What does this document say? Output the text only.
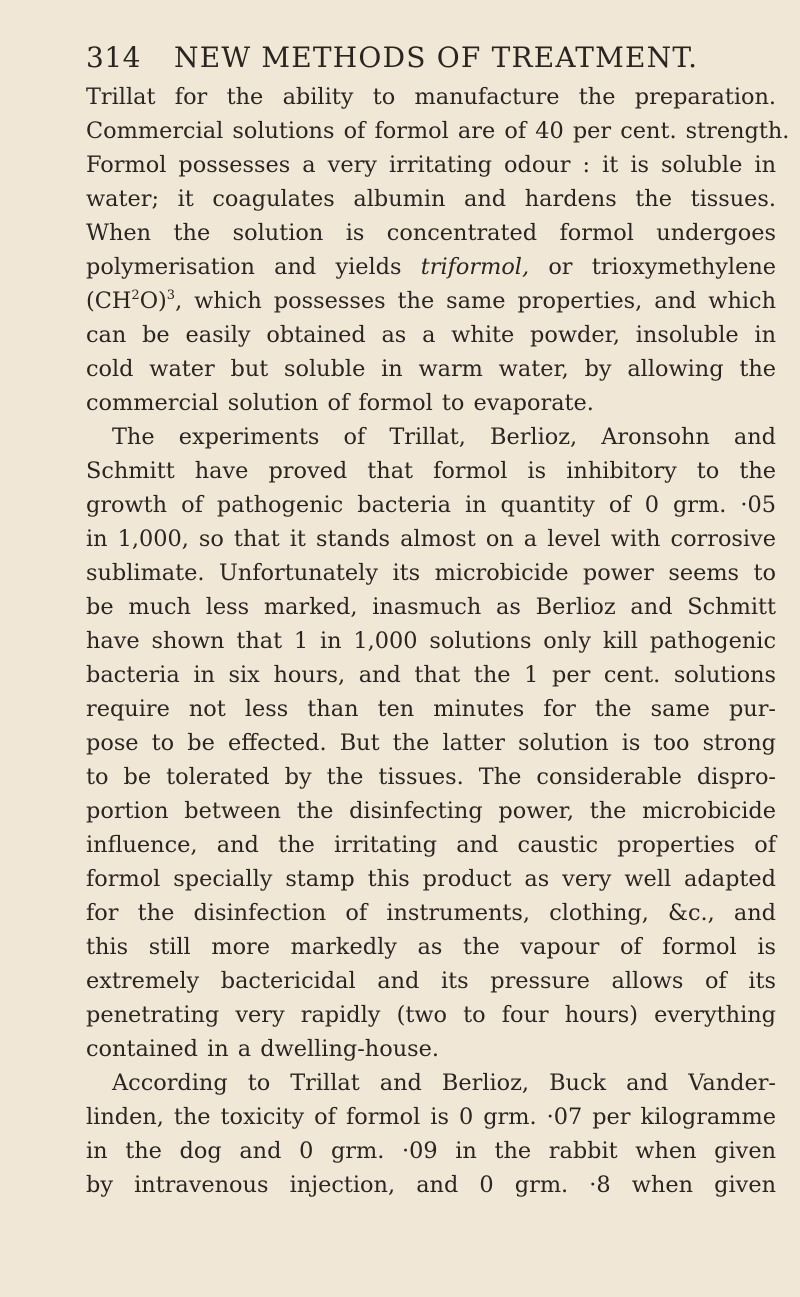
314 NEW METHODS OF TREATMENT.
Trillat for the ability to manufacture the preparation.
Commercial solutions of formol are of 40 per cent. strength.
Formol possesses a very irritating odour : it is soluble in
water; it coagulates albumin and hardens the tissues.
When the solution is concentrated formol undergoes
polymerisation and yields triformol, or trioxymethylene
$(CH^2O)^3$, which possesses the same properties, and which
can be easily obtained as a white powder, insoluble in
cold water but soluble in warm water, by allowing the
commercial solution of formol to evaporate.
The experiments of Trillat, Berlioz, Aronsohn and
Schmitt have proved that formol is inhibitory to the
growth of pathogenic bacteria in quantity of 0 grm. ·05
in 1,000, so that it stands almost on a level with corrosive
sublimate. Unfortunately its microbicide power seems to
be much less marked, inasmuch as Berlioz and Schmitt
have shown that 1 in 1,000 solutions only kill pathogenic
bacteria in six hours, and that the 1 per cent. solutions
require not less than ten minutes for the same pur-
pose to be effected. But the latter solution is too strong
to be tolerated by the tissues. The considerable dispro-
portion between the disinfecting power, the microbicide
influence, and the irritating and caustic properties of
formol specially stamp this product as very well adapted
for the disinfection of instruments, clothing, &c., and
this still more markedly as the vapour of formol is
extremely bactericidal and its pressure allows of its
penetrating very rapidly (two to four hours) everything
contained in a dwelling-house.
According to Trillat and Berlioz, Buck and Vander-
linden, the toxicity of formol is 0 grm. ·07 per kilogramme
in the dog and 0 grm. ·09 in the rabbit when given
by intravenous injection, and 0 grm. ·8 when given
